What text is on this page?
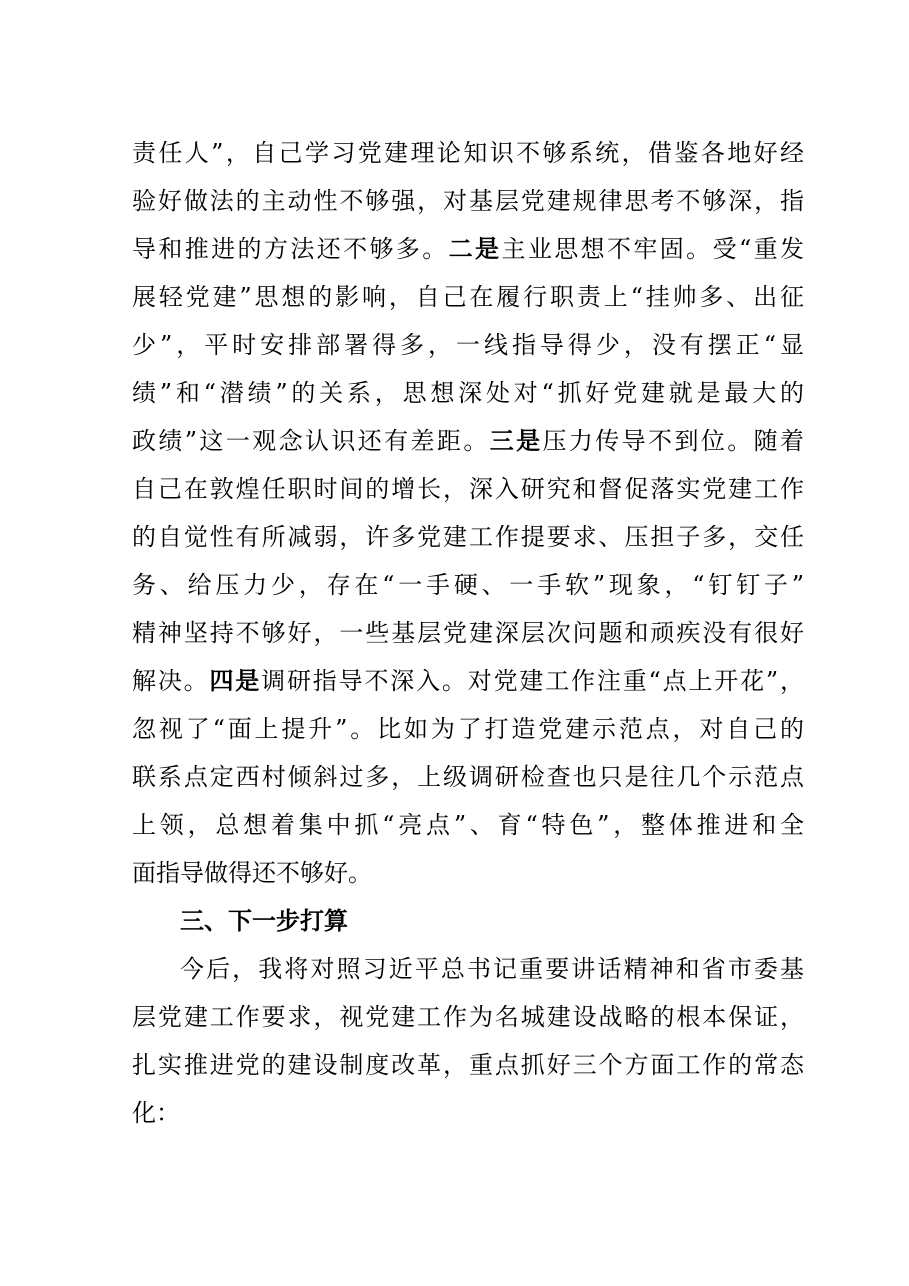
责任人”，自己学习党建理论知识不够系统，借鉴各地好经
验好做法的主动性不够强，对基层党建规律思考不够深，指
导和推进的方法还不够多。二是主业思想不牢固。受“重发
展轻党建”思想的影响，自己在履行职责上“挂帅多、出征
少”，平时安排部署得多，一线指导得少，没有摆正“显
绩”和“潜绩”的关系，思想深处对“抓好党建就是最大的
政绩”这一观念认识还有差距。三是压力传导不到位。随着
自己在敦煌任职时间的增长，深入研究和督促落实党建工作
的自觉性有所减弱，许多党建工作提要求、压担子多，交任
务、给压力少，存在“一手硬、一手软”现象，“钉钉子”
精神坚持不够好，一些基层党建深层次问题和顽疾没有很好
解决。四是调研指导不深入。对党建工作注重“点上开花”，
忽视了“面上提升”。比如为了打造党建示范点，对自己的
联系点定西村倾斜过多，上级调研检查也只是往几个示范点
上领，总想着集中抓“亮点”、育“特色”，整体推进和全
面指导做得还不够好。
三、下一步打算
今后，我将对照习近平总书记重要讲话精神和省市委基
层党建工作要求，视党建工作为名城建设战略的根本保证，
扎实推进党的建设制度改革，重点抓好三个方面工作的常态
化：
